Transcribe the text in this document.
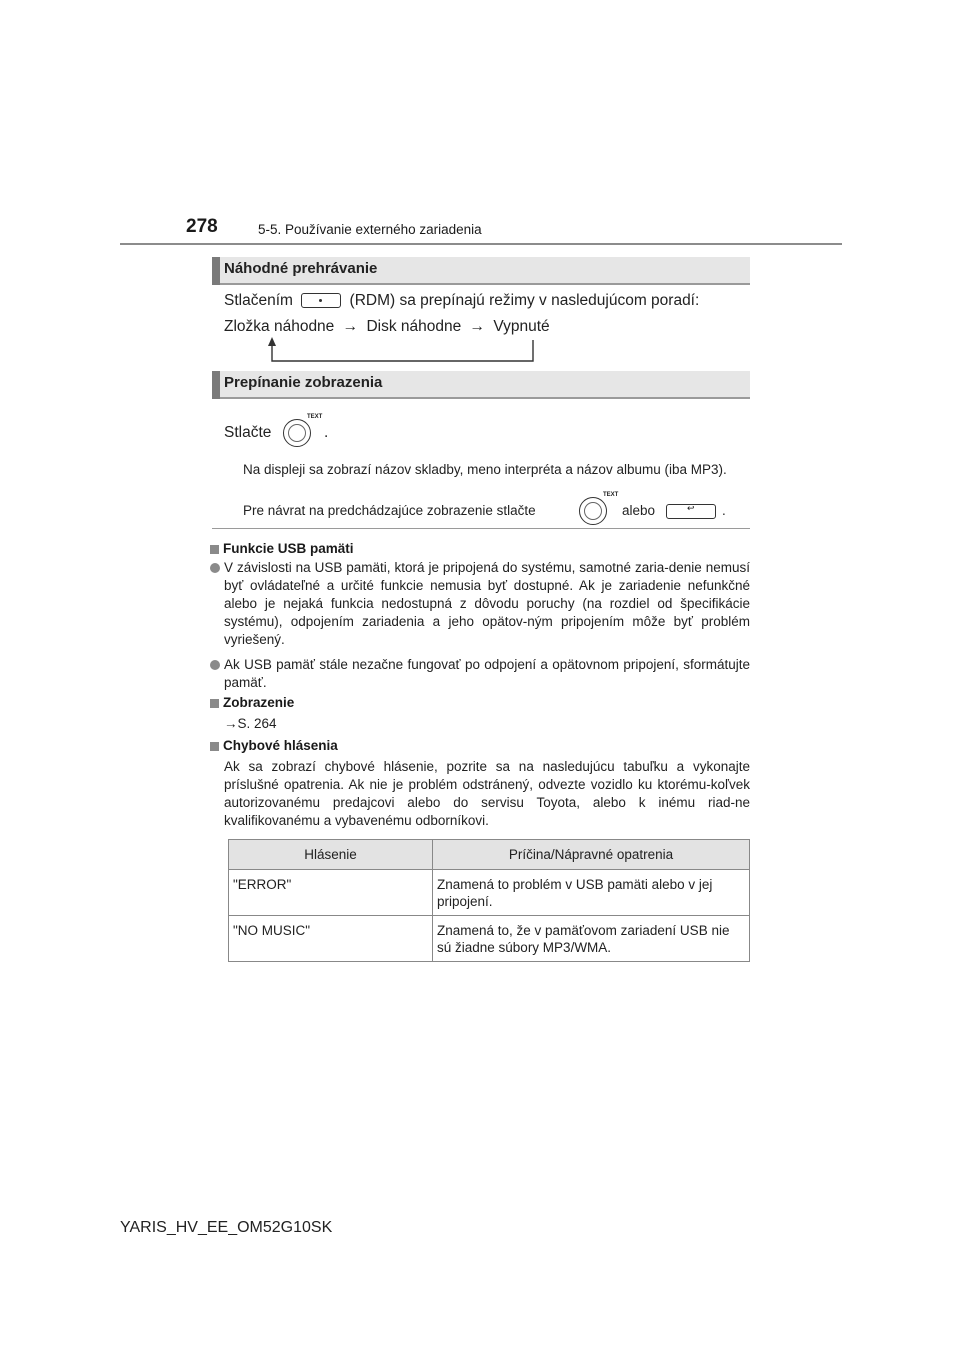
278	5-5. Používanie externého zariadenia
Náhodné prehrávanie
Stlačením	(RDM) sa prepínajú režimy v nasledujúcom poradí:
Zložka náhodne → Disk náhodne → Vypnuté
Prepínanie zobrazenia
Stlačte
TEXT
.
Na displeji sa zobrazí názov skladby, meno interpréta a názov albumu (iba MP3).
Pre návrat na predchádzajúce zobrazenie stlačte
TEXT
alebo	↩ .
Funkcie USB pamäti
V závislosti na USB pamäti, ktorá je pripojená do systému, samotné zaria-denie nemusí byť ovládateľné a určité funkcie nemusia byť dostupné. Ak je zariadenie nefunkčné alebo je nejaká funkcia nedostupná z dôvodu poruchy (na rozdiel od špecifikácie systému), odpojením zariadenia a jeho opätov-ným pripojením môže byť problém vyriešený.
Ak USB pamäť stále nezačne fungovať po odpojení a opätovnom pripojení, sformátujte pamäť.
Zobrazenie
→S. 264
Chybové hlásenia
Ak sa zobrazí chybové hlásenie, pozrite sa na nasledujúcu tabuľku a vykonajte príslušné opatrenia. Ak nie je problém odstránený, odvezte vozidlo ku ktorému-koľvek autorizovanému predajcovi alebo do servisu Toyota, alebo k inému riad-ne kvalifikovanému a vybavenému odborníkovi.
Hlásenie	Príčina/Nápravné opatrenia
"ERROR"	Znamená to problém v USB pamäti alebo v jej pripojení.
"NO MUSIC"	Znamená to, že v pamäťovom zariadení USB nie sú žiadne súbory MP3/WMA.
YARIS_HV_EE_OM52G10SK
